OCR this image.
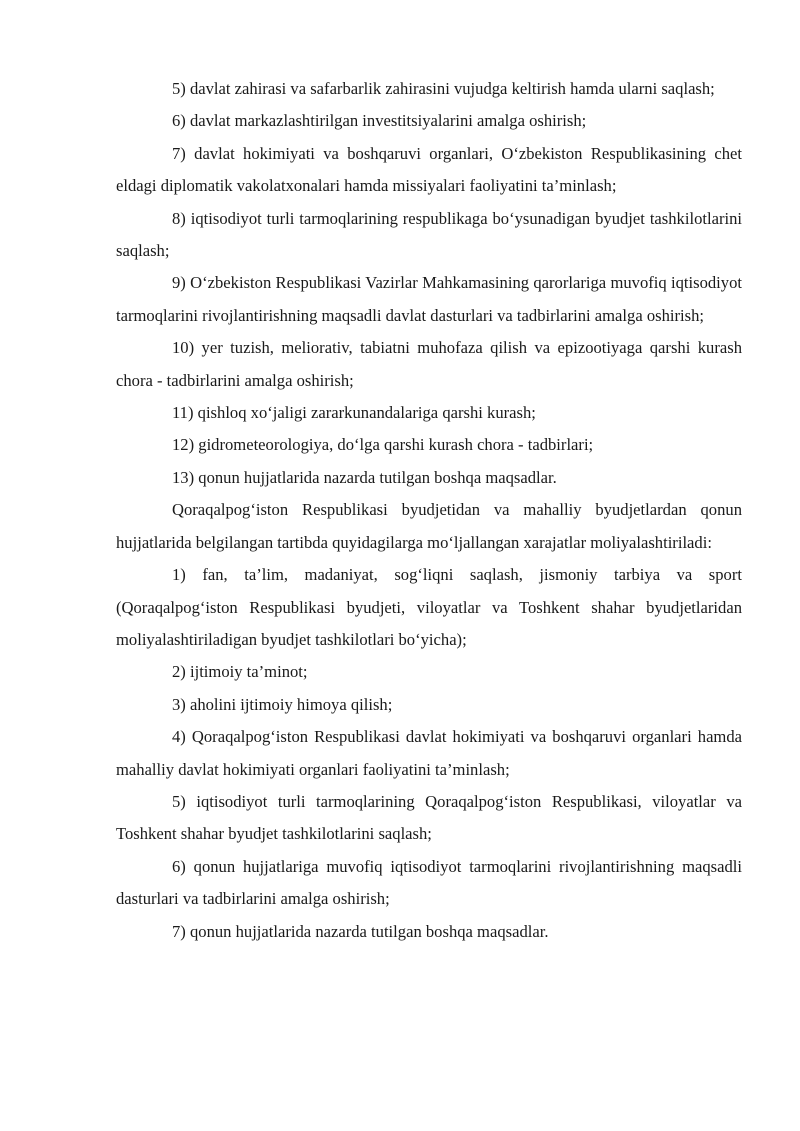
5) davlat zahirasi va safarbarlik zahirasini vujudga keltirish hamda ularni saqlash;

6) davlat markazlashtirilgan investitsiyalarini amalga oshirish;

7) davlat hokimiyati va boshqaruvi organlari, O‘zbekiston Respublikasining chet eldagi diplomatik vakolatxonalari hamda missiyalari faoliyatini ta’minlash;

8) iqtisodiyot turli tarmoqlarining respublikaga bo‘ysunadigan byudjet tashkilotlarini saqlash;

9) O‘zbekiston Respublikasi Vazirlar Mahkamasining qarorlariga muvofiq iqtisodiyot tarmoqlarini rivojlantirishning maqsadli davlat dasturlari va tadbirlarini amalga oshirish;

10) yer tuzish, meliorativ, tabiatni muhofaza qilish va epizootiyaga qarshi kurash chora - tadbirlarini amalga oshirish;

11) qishloq xo‘jaligi zararkunandalariga qarshi kurash;

12) gidrometeorologiya, do‘lga qarshi kurash chora - tadbirlari;

13) qonun hujjatlarida nazarda tutilgan boshqa maqsadlar.

Qoraqalpog‘iston Respublikasi byudjetidan va mahalliy byudjetlardan qonun hujjatlarida belgilangan tartibda quyidagilarga mo‘ljallangan xarajatlar moliyalashtiriladi:

1) fan, ta’lim, madaniyat, sog‘liqni saqlash, jismoniy tarbiya va sport (Qoraqalpog‘iston Respublikasi byudjeti, viloyatlar va Toshkent shahar byudjetlaridan moliyalashtiriladigan byudjet tashkilotlari bo‘yicha);

2) ijtimoiy ta’minot;

3) aholini ijtimoiy himoya qilish;

4) Qoraqalpog‘iston Respublikasi davlat hokimiyati va boshqaruvi organlari hamda mahalliy davlat hokimiyati organlari faoliyatini ta’minlash;

5) iqtisodiyot turli tarmoqlarining Qoraqalpog‘iston Respublikasi, viloyatlar va Toshkent shahar byudjet tashkilotlarini saqlash;

6) qonun hujjatlariga muvofiq iqtisodiyot tarmoqlarini rivojlantirishning maqsadli dasturlari va tadbirlarini amalga oshirish;

7) qonun hujjatlarida nazarda tutilgan boshqa maqsadlar.
